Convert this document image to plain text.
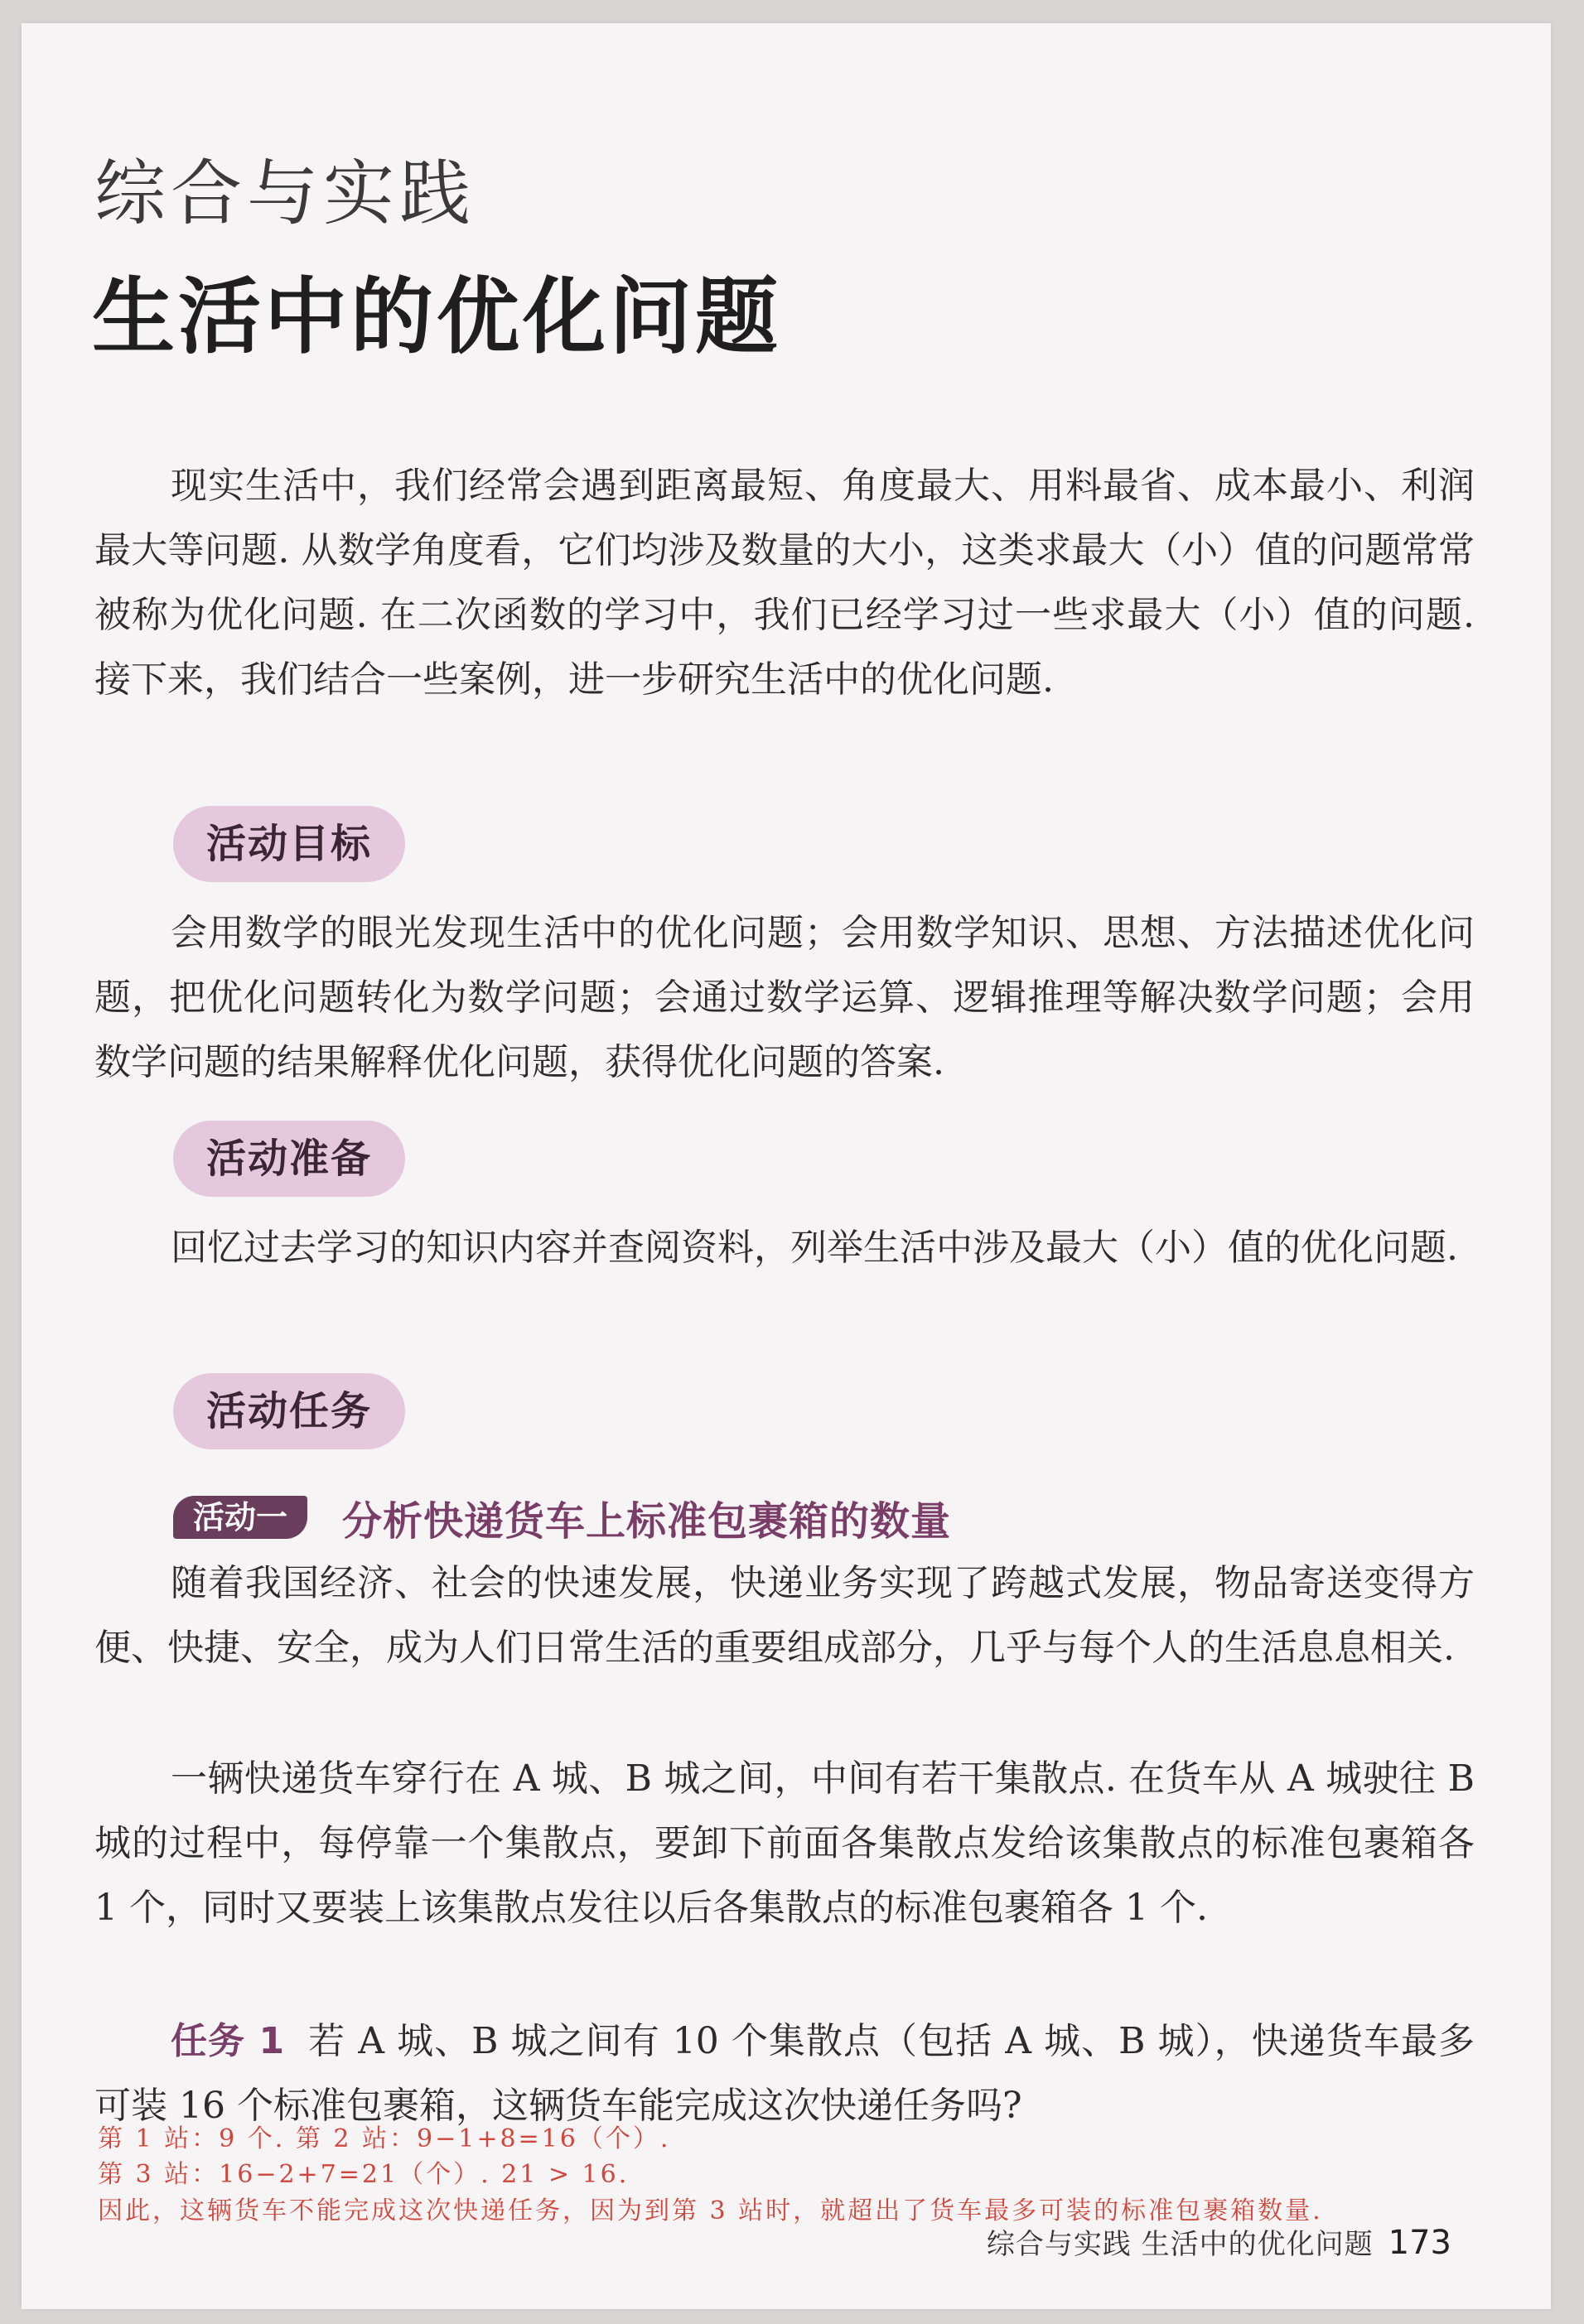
综合与实践
生活中的优化问题

现实生活中，我们经常会遇到距离最短、角度最大、用料最省、成本最小、利润最大等问题. 从数学角度看，它们均涉及数量的大小，这类求最大（小）值的问题常常被称为优化问题. 在二次函数的学习中，我们已经学习过一些求最大（小）值的问题. 接下来，我们结合一些案例，进一步研究生活中的优化问题.

活动目标

会用数学的眼光发现生活中的优化问题；会用数学知识、思想、方法描述优化问题，把优化问题转化为数学问题；会通过数学运算、逻辑推理等解决数学问题；会用数学问题的结果解释优化问题，获得优化问题的答案.

活动准备

回忆过去学习的知识内容并查阅资料，列举生活中涉及最大（小）值的优化问题.

活动任务
活动一	分析快递货车上标准包裹箱的数量

随着我国经济、社会的快速发展，快递业务实现了跨越式发展，物品寄送变得方便、快捷、安全，成为人们日常生活的重要组成部分，几乎与每个人的生活息息相关.

一辆快递货车穿行在 A 城、B 城之间，中间有若干集散点. 在货车从 A 城驶往 B 城的过程中，每停靠一个集散点，要卸下前面各集散点发给该集散点的标准包裹箱各 1 个，同时又要装上该集散点发往以后各集散点的标准包裹箱各 1 个.

任务 1 若 A 城、B 城之间有 10 个集散点（包括 A 城、B 城），快递货车最多可装 16 个标准包裹箱，这辆货车能完成这次快递任务吗?

第 1 站：9 个. 第 2 站：9−1+8=16（个）.
第 3 站：16−2+7=21（个）. 21 > 16.
因此，这辆货车不能完成这次快递任务，因为到第 3 站时，就超出了货车最多可装的标准包裹箱数量.
综合与实践 生活中的优化问题 173
